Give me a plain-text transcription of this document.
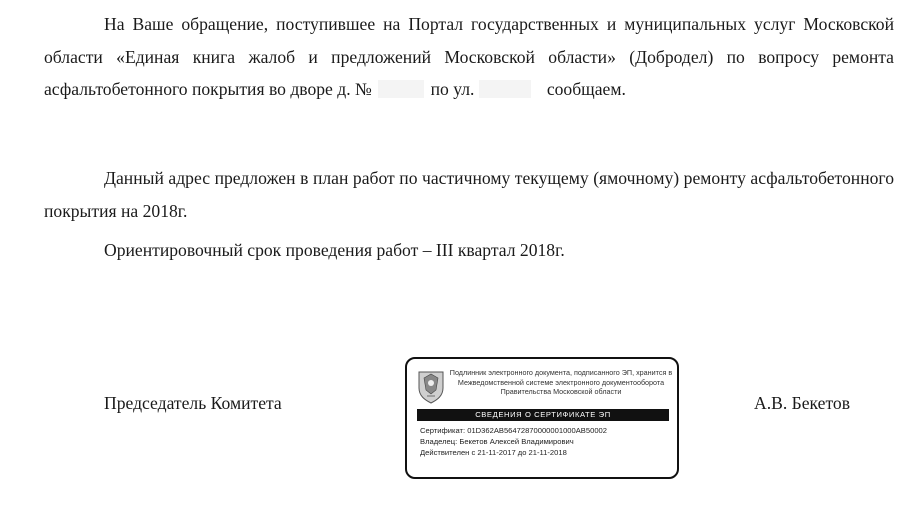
На Ваше обращение, поступившее на Портал государственных и муниципальных услуг Московской области «Единая книга жалоб и предложений Московской области» (Добродел) по вопросу ремонта асфальтобетонного покрытия во дворе д. №	по ул.	сообщаем.

Данный адрес предложен в план работ по частичному текущему (ямочному) ремонту асфальтобетонного покрытия на 2018г.

Ориентировочный срок проведения работ – III квартал 2018г.

Председатель Комитета
Подлинник электронного документа, подписанного ЭП, хранится в Межведомственной системе электронного документооборота Правительства Московской области
СВЕДЕНИЯ О СЕРТИФИКАТЕ ЭП
Сертификат: 01D362AB56472870000001000AB50002
Владелец: Бекетов Алексей Владимирович
Действителен с 21-11-2017 до 21-11-2018
А.В. Бекетов
